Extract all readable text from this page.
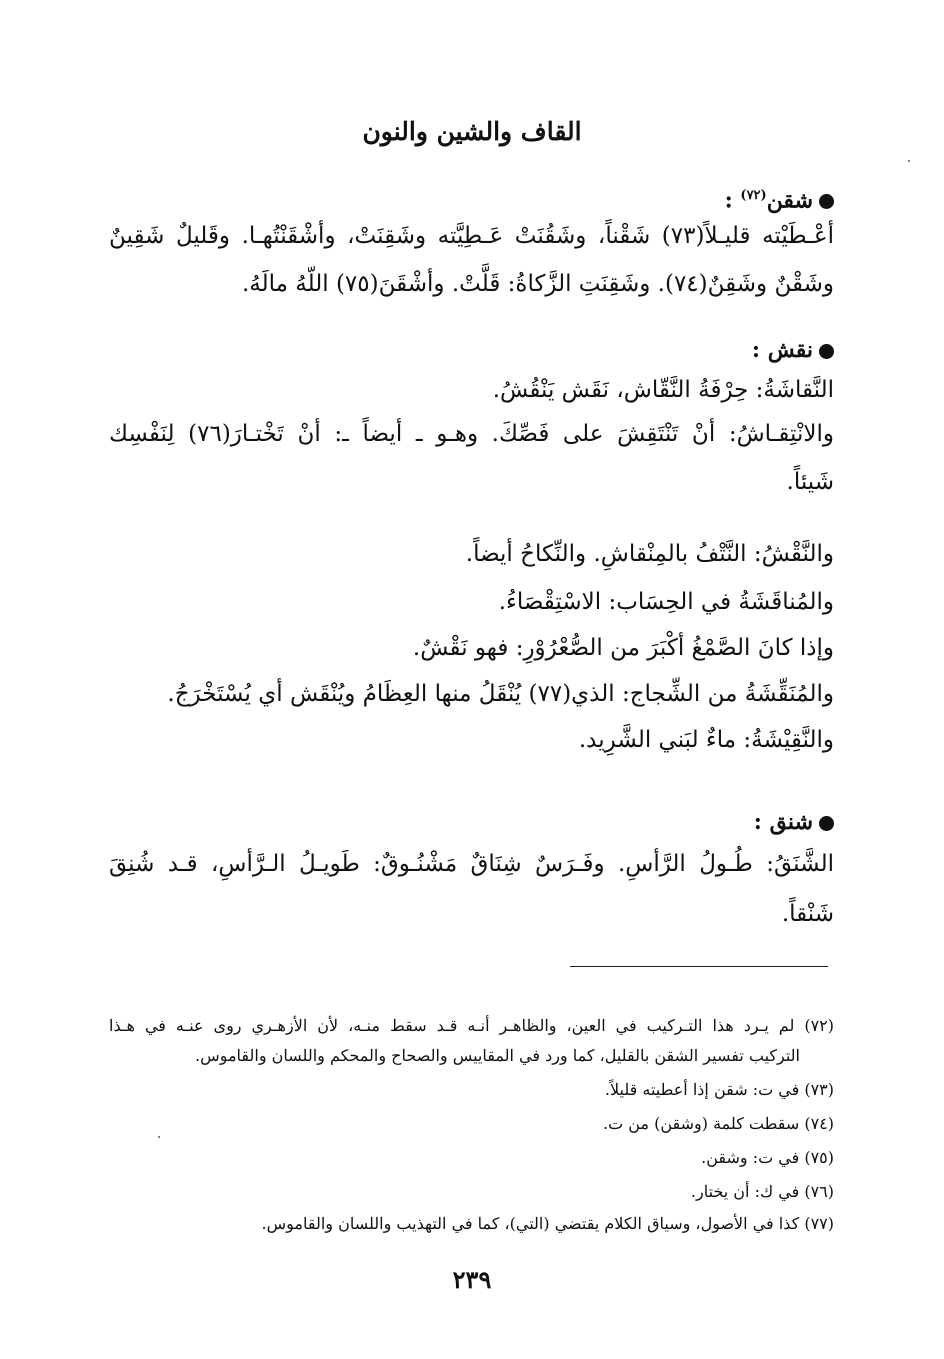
القاف والشين والنون
شقن$^{(٧٢)}$ :
أعْـطَيْته قليـلاً(٧٣) شَقْناً، وشَقُنَتْ عَـطِيَّته وشَقِنَتْ، وأشْقَنْتُهـا. وقَليلٌ شَقِينٌ
وشَقْنٌ وشَقِنٌ(٧٤). وشَقِنَتِ الزَّكاةُ: قَلَّتْ. وأشْقَنَ(٧٥) اللّهُ مالَهُ.
نقش :
النَّقاشَةُ: حِرْفَةُ النَّقّاش، نَقَش يَنْقُشُ.
والانْتِقـاشُ: أنْ تَنْتَقِشَ على فَصِّكَ. وهـو ـ أيضاً ـ: أنْ تَخْتـارَ(٧٦) لِنَفْسِك
شَيئاً.
والنَّقْشُ: النَّتْفُ بالمِنْقاشِ. والنِّكاحُ أيضاً.
والمُناقَشَةُ في الحِسَاب: الاسْتِقْصَاءُ.
وإذا كانَ الصَّمْغُ أكْبَرَ من الصُّعْرُوْرِ: فهو نَقْشٌ.
والمُنَقِّشَةُ من الشِّجاج: الذي(٧٧) يُنْقَلُ منها العِظَامُ ويُنْقَش أي يُسْتَخْرَجُ.
والنَّقِيْشَةُ: ماءٌ لبَني الشَّرِيد.
شنق :
الشَّنَقُ: طُـولُ الرَّأسِ. وفَـرَسٌ شِنَاقٌ مَشْنُـوقٌ: طَويـلُ الـرَّأسِ، قـد شُنِقَ
شَنْقاً.
(٧٢) لم يـرد هذا التـركيب في العين، والظاهـر أنـه قـد سقط منـه، لأن الأزهـري روى عنـه في هـذا
التركيب تفسير الشقن بالقليل، كما ورد في المقاييس والصحاح والمحكم واللسان والقاموس.
(٧٣) في ت: شقن إذا أعطيته قليلاً.
(٧٤) سقطت كلمة (وشقن) من ت.
(٧٥) في ت: وشقن.
(٧٦) في ك: أن يختار.
(٧٧) كذا في الأصول، وسياق الكلام يقتضي (التي)، كما في التهذيب واللسان والقاموس.
٢٣٩
